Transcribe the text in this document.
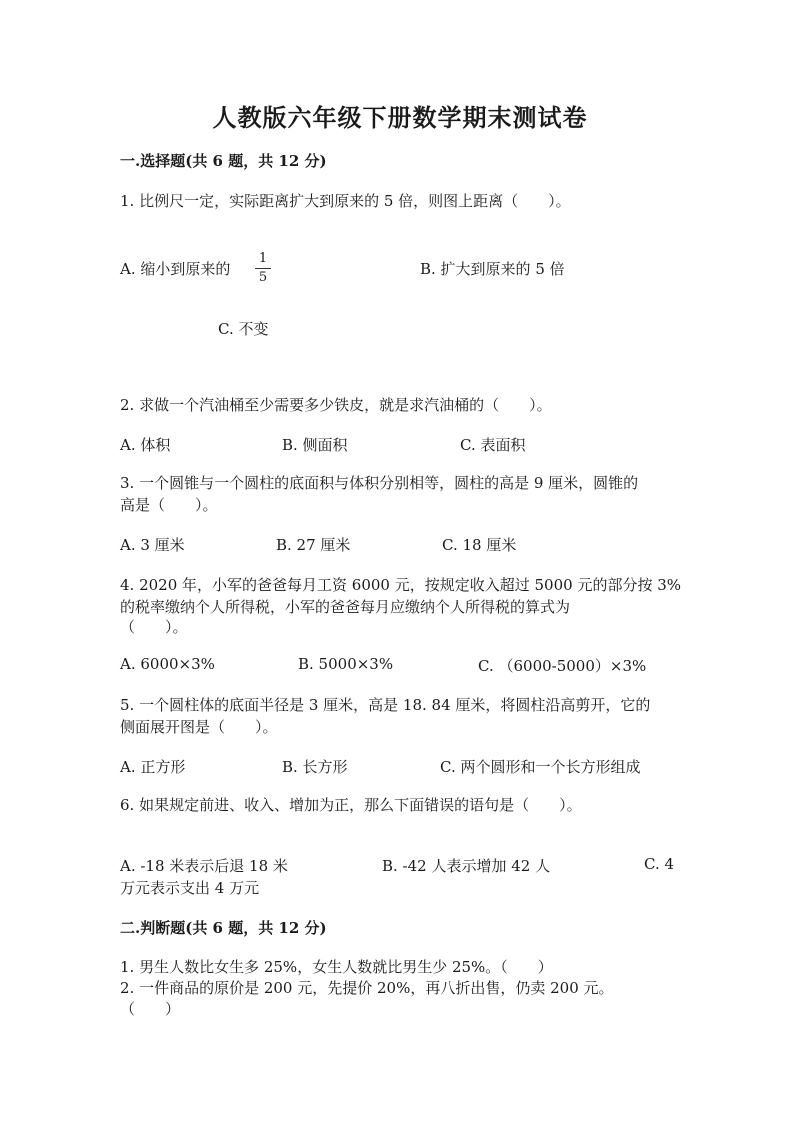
人教版六年级下册数学期末测试卷
一.选择题(共 6 题，共 12 分)
1. 比例尺一定，实际距离扩大到原来的 5 倍，则图上距离（　　）。
A. 缩小到原来的
1
5	B. 扩大到原来的 5 倍
C. 不变
2. 求做一个汽油桶至少需要多少铁皮，就是求汽油桶的（　　）。
A. 体积	B. 侧面积	C. 表面积
3. 一个圆锥与一个圆柱的底面积与体积分别相等，圆柱的高是 9 厘米，圆锥的
高是（　　）。
A. 3 厘米	B. 27 厘米	C. 18 厘米
4. 2020 年，小军的爸爸每月工资 6000 元，按规定收入超过 5000 元的部分按 3%
的税率缴纳个人所得税，小军的爸爸每月应缴纳个人所得税的算式为
（　　）。
A. 6000×3%	B. 5000×3%	C. （6000-5000）×3%
5. 一个圆柱体的底面半径是 3 厘米，高是 18. 84 厘米，将圆柱沿高剪开，它的
侧面展开图是（　　）。
A. 正方形	B. 长方形	C. 两个圆形和一个长方形组成
6. 如果规定前进、收入、增加为正，那么下面错误的语句是（　　）。
A. -18 米表示后退 18 米	B. -42 人表示增加 42 人	C. 4
万元表示支出 4 万元
二.判断题(共 6 题，共 12 分)
1. 男生人数比女生多 25%，女生人数就比男生少 25%。（　　）
2. 一件商品的原价是 200 元，先提价 20%，再八折出售，仍卖 200 元。
（　　）
